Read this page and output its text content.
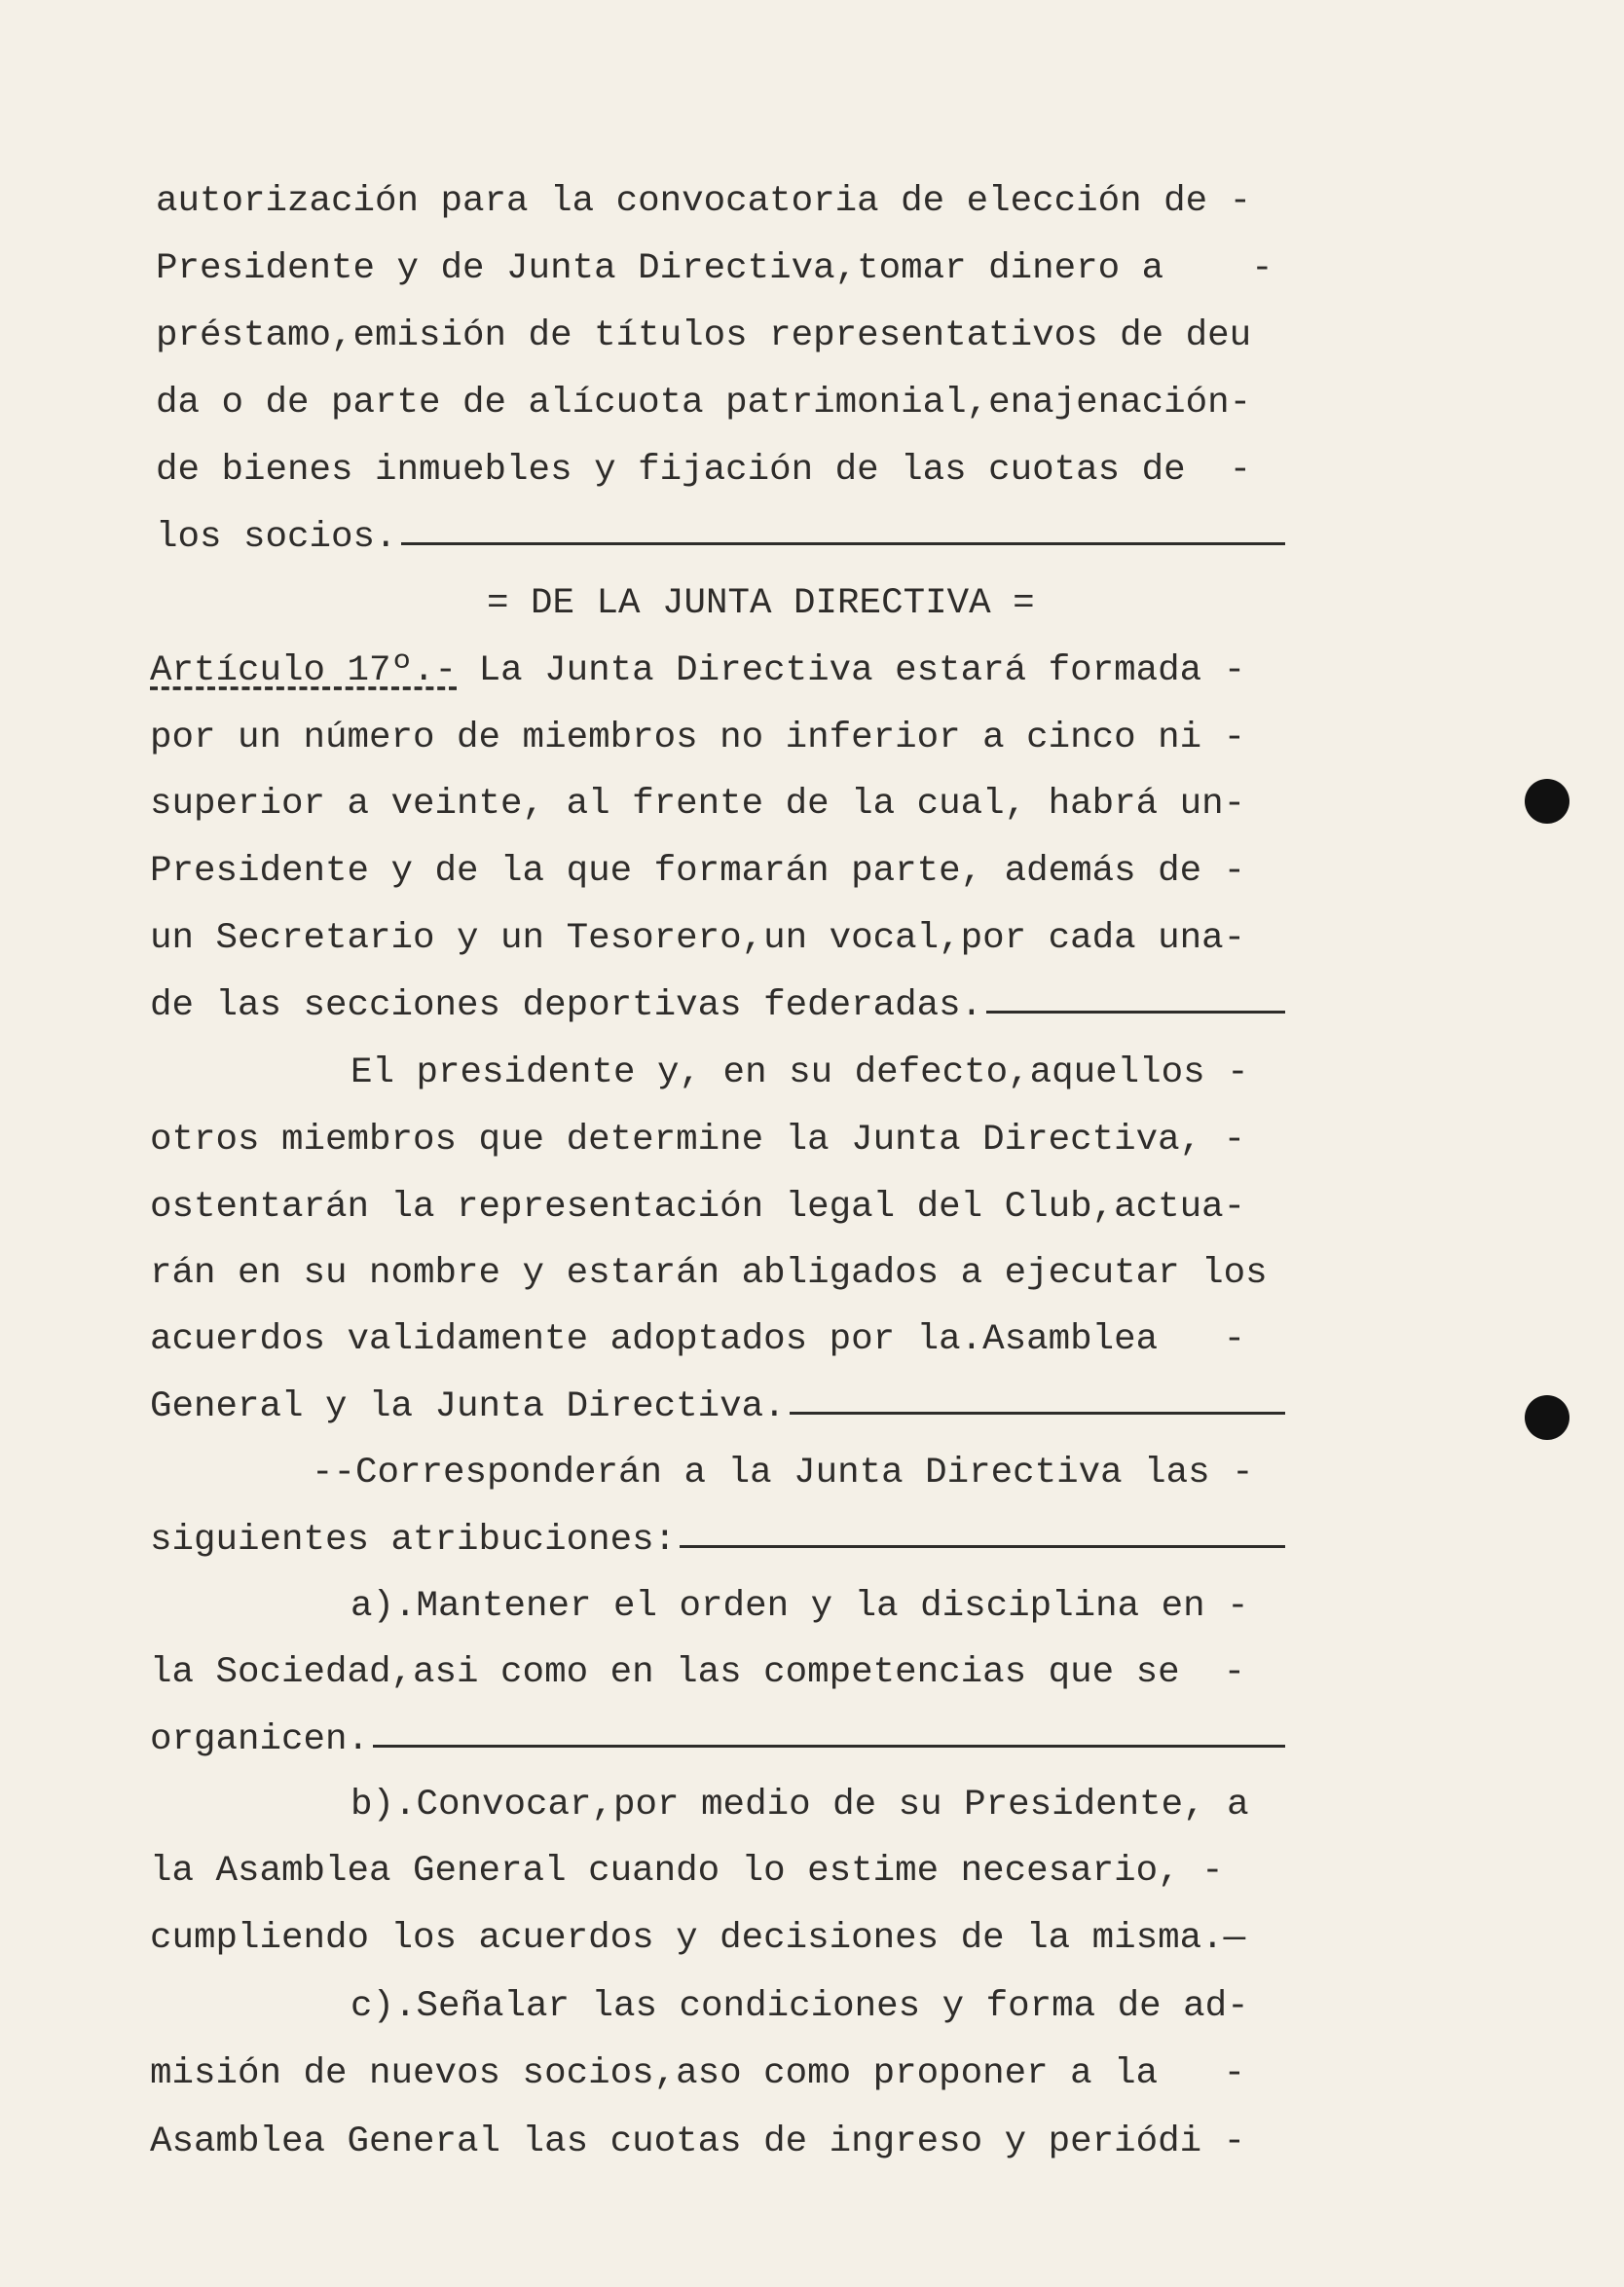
autorización para la convocatoria de elección de -
Presidente y de Junta Directiva,tomar dinero a    -
préstamo,emisión de títulos representativos de deu
da o de parte de alícuota patrimonial,enajenación-
de bienes inmuebles y fijación de las cuotas de  -
los socios.
= DE LA JUNTA DIRECTIVA =
Artículo 17º.- La Junta Directiva estará formada -
por un número de miembros no inferior a cinco ni -
superior a veinte, al frente de la cual, habrá un-
Presidente y de la que formarán parte, además de -
un Secretario y un Tesorero,un vocal,por cada una-
de las secciones deportivas federadas.
El presidente y, en su defecto,aquellos -
otros miembros que determine la Junta Directiva, -
ostentarán la representación legal del Club,actua-
rán en su nombre y estarán abligados a ejecutar los
acuerdos validamente adoptados por la.Asamblea   -
General y la Junta Directiva.
--Corresponderán a la Junta Directiva las -
siguientes atribuciones:
a).Mantener el orden y la disciplina en -
la Sociedad,asi como en las competencias que se  -
organicen.
b).Convocar,por medio de su Presidente, a
la Asamblea General cuando lo estime necesario, -
cumpliendo los acuerdos y decisiones de la misma.—
c).Señalar las condiciones y forma de ad-
misión de nuevos socios,aso como proponer a la   -
Asamblea General las cuotas de ingreso y periódi -
